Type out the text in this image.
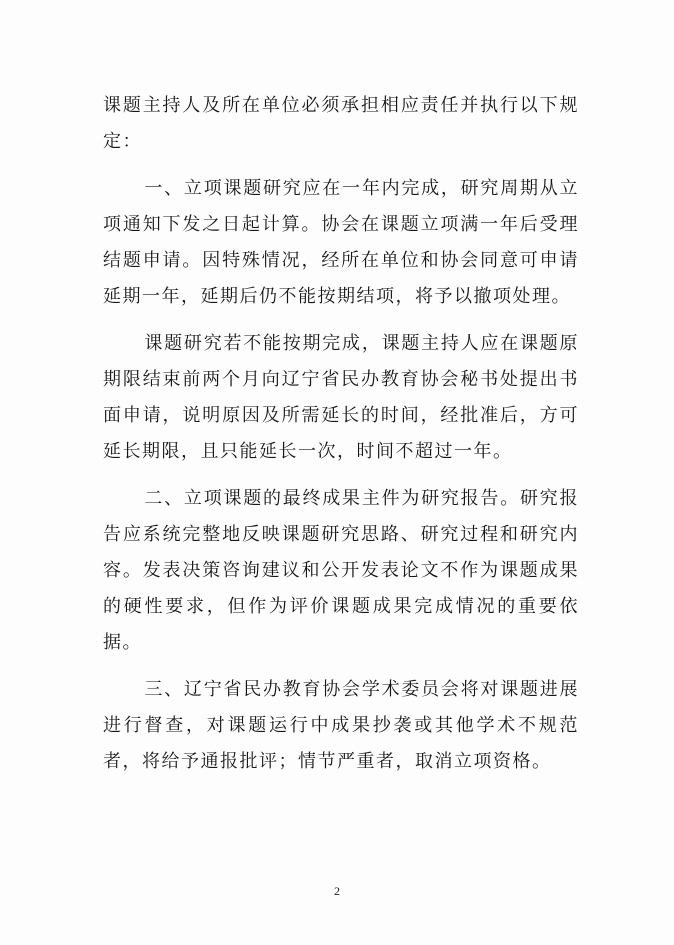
课题主持人及所在单位必须承担相应责任并执行以下规定：

一、立项课题研究应在一年内完成，研究周期从立项通知下发之日起计算。协会在课题立项满一年后受理结题申请。因特殊情况，经所在单位和协会同意可申请延期一年，延期后仍不能按期结项，将予以撤项处理。

课题研究若不能按期完成，课题主持人应在课题原期限结束前两个月向辽宁省民办教育协会秘书处提出书面申请，说明原因及所需延长的时间，经批准后，方可延长期限，且只能延长一次，时间不超过一年。

二、立项课题的最终成果主件为研究报告。研究报告应系统完整地反映课题研究思路、研究过程和研究内容。发表决策咨询建议和公开发表论文不作为课题成果的硬性要求，但作为评价课题成果完成情况的重要依据。

三、辽宁省民办教育协会学术委员会将对课题进展进行督查，对课题运行中成果抄袭或其他学术不规范者，将给予通报批评；情节严重者，取消立项资格。

2
